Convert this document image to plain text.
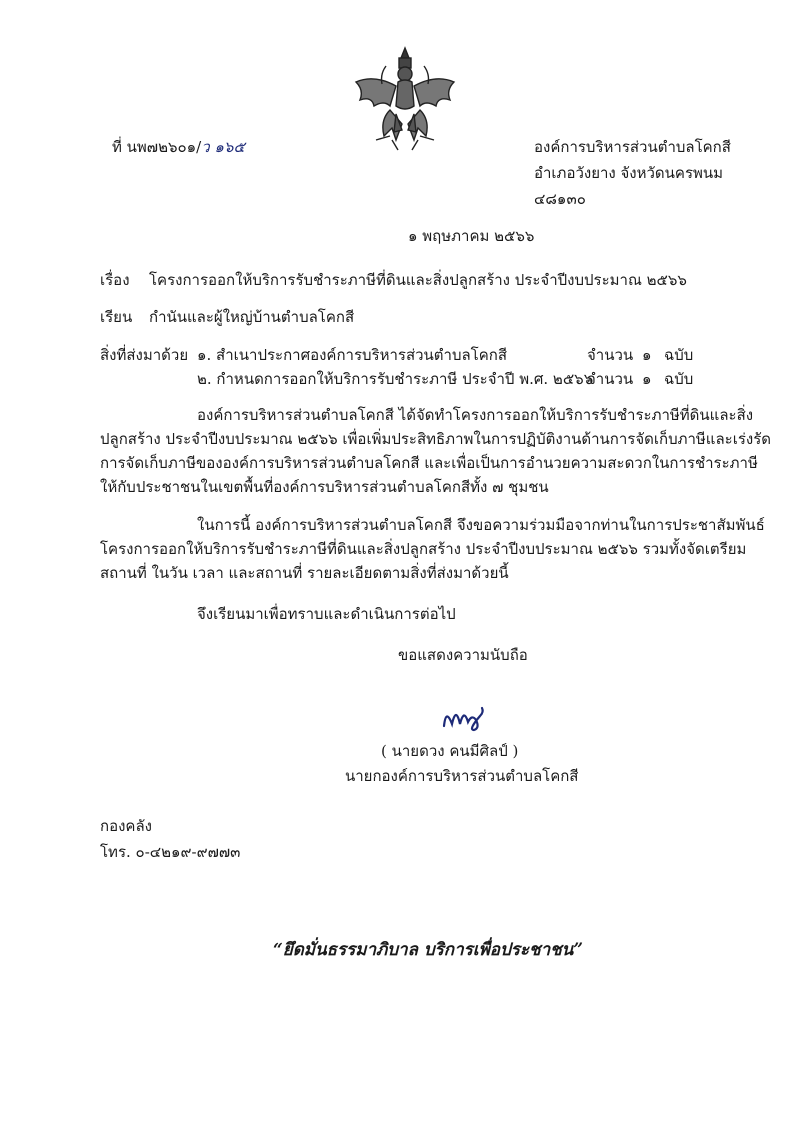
ที่ นพ๗๒๖๐๑/ว ๑๖๕	องค์การบริหารส่วนตำบลโคกสี
อำเภอวังยาง จังหวัดนครพนม
๔๘๑๓๐
๑ พฤษภาคม ๒๕๖๖
เรื่อง โครงการออกให้บริการรับชำระภาษีที่ดินและสิ่งปลูกสร้าง ประจำปีงบประมาณ ๒๕๖๖
เรียน กำนันและผู้ใหญ่บ้านตำบลโคกสี
สิ่งที่ส่งมาด้วย ๑. สำเนาประกาศองค์การบริหารส่วนตำบลโคกสี	จำนวน ๑ ฉบับ
๒. กำหนดการออกให้บริการรับชำระภาษี ประจำปี พ.ศ. ๒๕๖๖
จำนวน ๑ ฉบับ
องค์การบริหารส่วนตำบลโคกสี ได้จัดทำโครงการออกให้บริการรับชำระภาษีที่ดินและสิ่ง
ปลูกสร้าง ประจำปีงบประมาณ ๒๕๖๖ เพื่อเพิ่มประสิทธิภาพในการปฏิบัติงานด้านการจัดเก็บภาษีและเร่งรัด
การจัดเก็บภาษีขององค์การบริหารส่วนตำบลโคกสี และเพื่อเป็นการอำนวยความสะดวกในการชำระภาษี
ให้กับประชาชนในเขตพื้นที่องค์การบริหารส่วนตำบลโคกสีทั้ง ๗ ชุมชน
ในการนี้ องค์การบริหารส่วนตำบลโคกสี จึงขอความร่วมมือจากท่านในการประชาสัมพันธ์
โครงการออกให้บริการรับชำระภาษีที่ดินและสิ่งปลูกสร้าง ประจำปีงบประมาณ ๒๕๖๖ รวมทั้งจัดเตรียม
สถานที่ ในวัน เวลา และสถานที่ รายละเอียดตามสิ่งที่ส่งมาด้วยนี้
จึงเรียนมาเพื่อทราบและดำเนินการต่อไป
ขอแสดงความนับถือ
( นายดวง คนมีศิลป์ )
นายกองค์การบริหารส่วนตำบลโคกสี
กองคลัง
โทร. ๐-๔๒๑๙-๙๗๗๓
“ยึดมั่นธรรมาภิบาล บริการเพื่อประชาชน”
